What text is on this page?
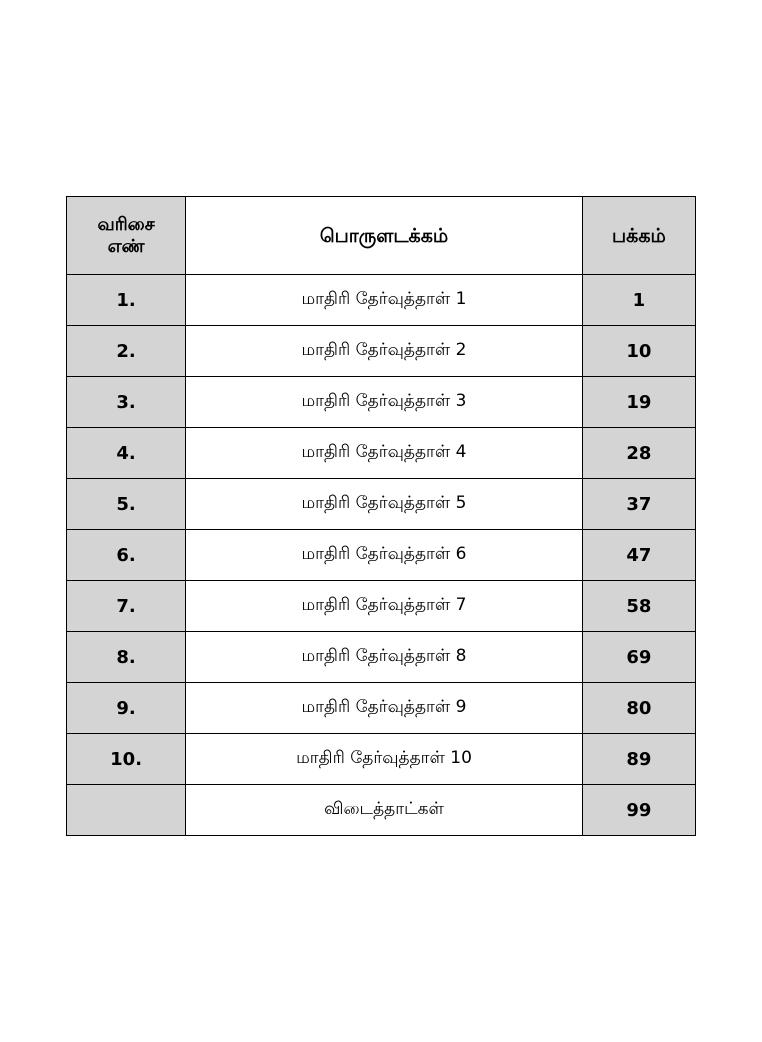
வரிசை
எண்	பொருளடக்கம்	பக்கம்
1.	மாதிரி தேர்வுத்தாள் 1	1
2.	மாதிரி தேர்வுத்தாள் 2	10
3.	மாதிரி தேர்வுத்தாள் 3	19
4.	மாதிரி தேர்வுத்தாள் 4	28
5.	மாதிரி தேர்வுத்தாள் 5	37
6.	மாதிரி தேர்வுத்தாள் 6	47
7.	மாதிரி தேர்வுத்தாள் 7	58
8.	மாதிரி தேர்வுத்தாள் 8	69
9.	மாதிரி தேர்வுத்தாள் 9	80
10.	மாதிரி தேர்வுத்தாள் 10	89
	விடைத்தாட்கள்	99
